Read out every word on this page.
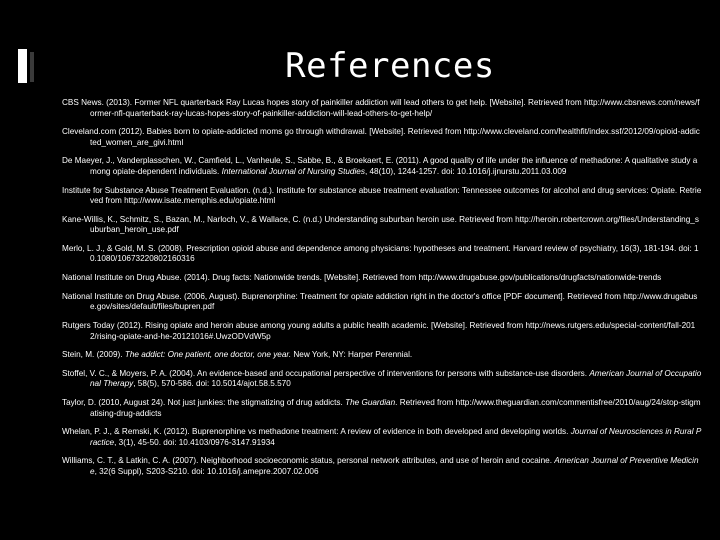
References
CBS News. (2013). Former NFL quarterback Ray Lucas hopes story of painkiller addiction will lead others to get help. [Website]. Retrieved from http://www.cbsnews.com/news/former-nfl-quarterback-ray-lucas-hopes-story-of-painkiller-addiction-will-lead-others-to-get-help/
Cleveland.com (2012). Babies born to opiate-addicted moms go through withdrawal. [Website]. Retrieved from http://www.cleveland.com/healthfit/index.ssf/2012/09/opioid-addicted_women_are_givi.html
De Maeyer, J., Vanderplasschen, W., Camfield, L., Vanheule, S., Sabbe, B., & Broekaert, E. (2011). A good quality of life under the influence of methadone: A qualitative study among opiate-dependent individuals. International Journal of Nursing Studies, 48(10), 1244-1257. doi: 10.1016/j.ijnurstu.2011.03.009
Institute for Substance Abuse Treatment Evaluation. (n.d.). Institute for substance abuse treatment evaluation: Tennessee outcomes for alcohol and drug services: Opiate. Retrieved from http://www.isate.memphis.edu/opiate.html
Kane-Willis, K., Schmitz, S., Bazan, M., Narloch, V., & Wallace, C. (n.d.) Understanding suburban heroin use. Retrieved from http://heroin.robertcrown.org/files/Understanding_suburban_heroin_use.pdf
Merlo, L. J., & Gold, M. S. (2008). Prescription opioid abuse and dependence among physicians: hypotheses and treatment. Harvard review of psychiatry, 16(3), 181-194. doi: 10.1080/10673220802160316
National Institute on Drug Abuse. (2014). Drug facts: Nationwide trends. [Website]. Retrieved from http://www.drugabuse.gov/publications/drugfacts/nationwide-trends
National Institute on Drug Abuse. (2006, August). Buprenorphine: Treatment for opiate addiction right in the doctor's office [PDF document]. Retrieved from http://www.drugabuse.gov/sites/default/files/bupren.pdf
Rutgers Today (2012). Rising opiate and heroin abuse among young adults a public health academic. [Website]. Retrieved from http://news.rutgers.edu/special-content/fall-2012/rising-opiate-and-he-20121016#.UwzODVdW5p
Stein, M. (2009). The addict: One patient, one doctor, one year. New York, NY: Harper Perennial.
Stoffel, V. C., & Moyers, P. A. (2004). An evidence-based and occupational perspective of interventions for persons with substance-use disorders. American Journal of Occupational Therapy, 58(5), 570-586. doi: 10.5014/ajot.58.5.570
Taylor, D. (2010, August 24). Not just junkies: the stigmatizing of drug addicts. The Guardian. Retrieved from http://www.theguardian.com/commentisfree/2010/aug/24/stop-stigmatising-drug-addicts
Whelan, P. J., & Remski, K. (2012). Buprenorphine vs methadone treatment: A review of evidence in both developed and developing worlds. Journal of Neurosciences in Rural Practice, 3(1), 45-50. doi: 10.4103/0976-3147.91934
Williams, C. T., & Latkin, C. A. (2007). Neighborhood socioeconomic status, personal network attributes, and use of heroin and cocaine. American Journal of Preventive Medicine, 32(6 Suppl), S203-S210. doi: 10.1016/j.amepre.2007.02.006
